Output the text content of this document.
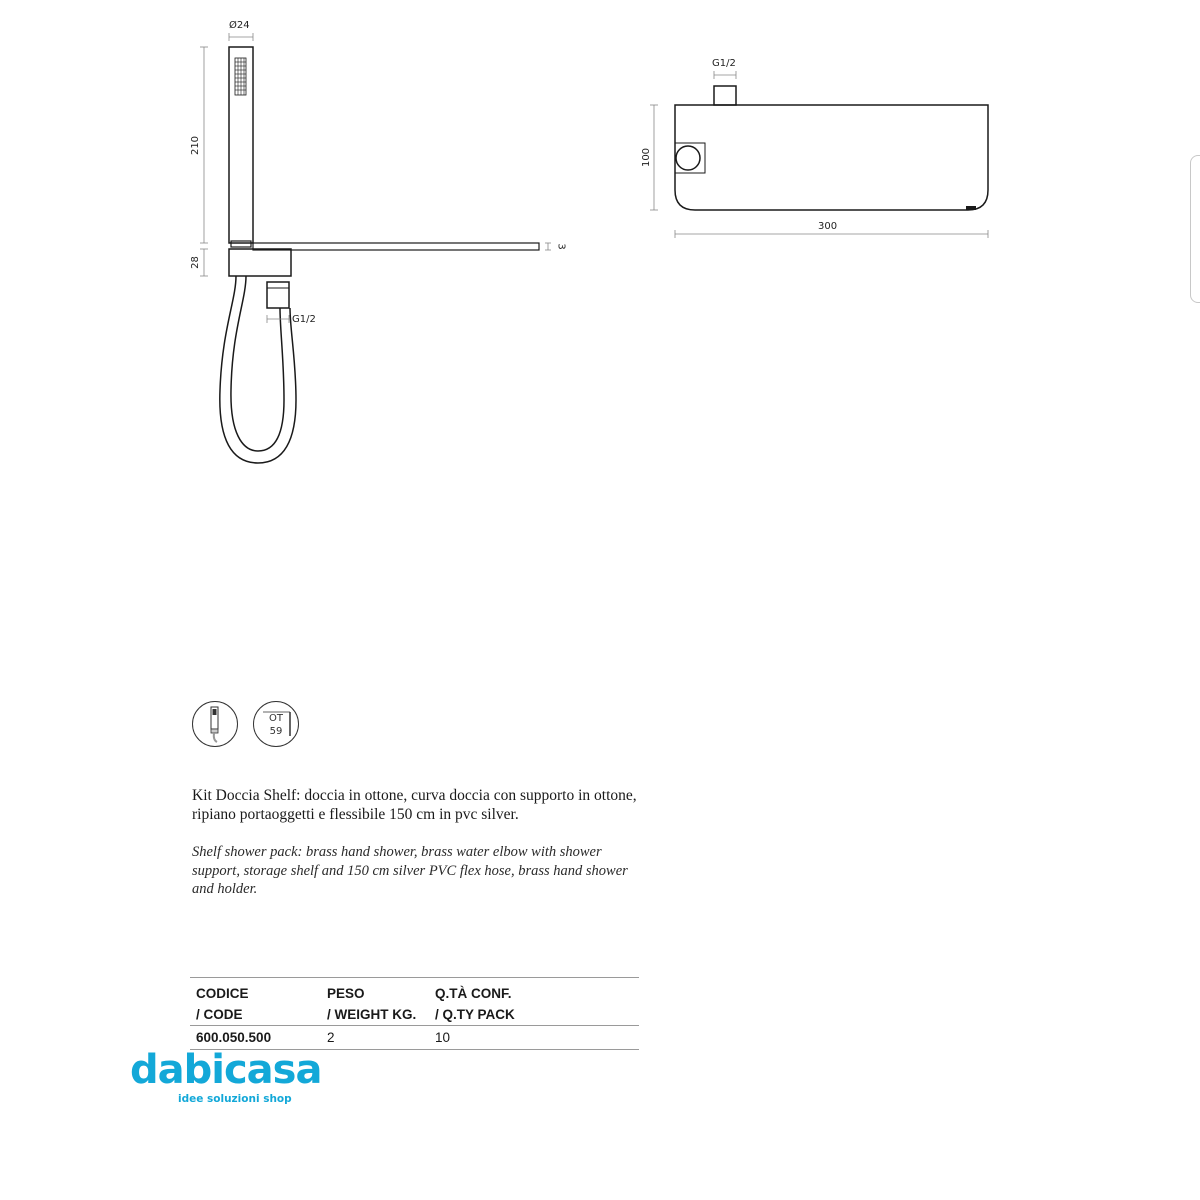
Ø24
210
28
3
G1/2
G1/2
100
300
OT
59
Kit Doccia Shelf: doccia in ottone, curva doccia con supporto in ottone, ripiano portaoggetti e flessibile 150 cm in pvc silver.
Shelf shower pack: brass hand shower, brass water elbow with shower support, storage shelf and 150 cm silver PVC flex hose, brass hand shower and holder.
CODICE
/ CODE
PESO
/ WEIGHT KG.
Q.TÀ CONF.
/ Q.TY PACK
600.050.500	2	10
dabicasa
idee soluzioni shop
